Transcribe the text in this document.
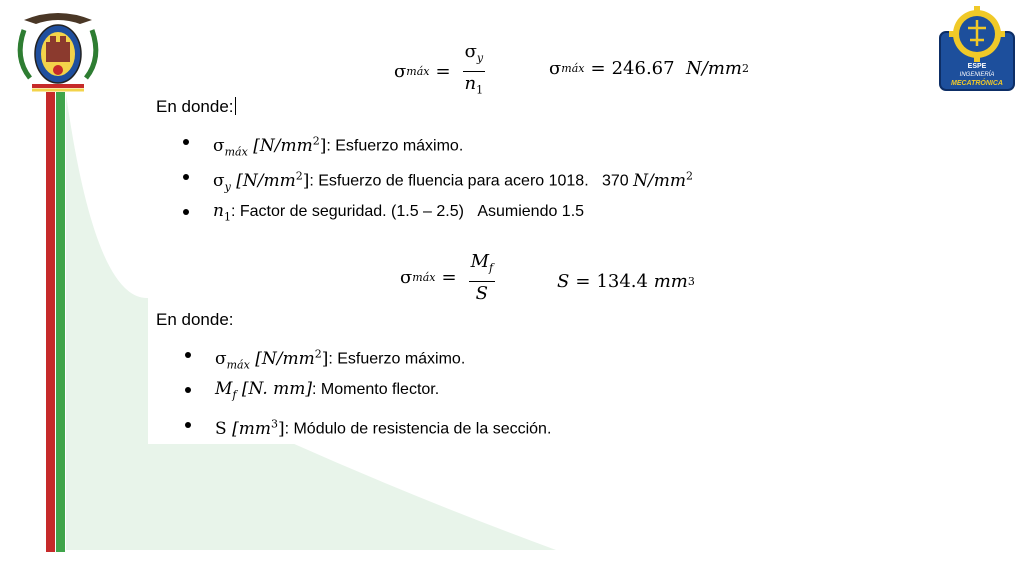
ESPE
INGENIERÍA
MECATRÓNICA
σ máx = $\frac{\sigma_y}{n_1}$	σ máx = 246.67
N/mm 2
En donde:
$\sigma_{máx}$ $[N/mm^2]$: Esfuerzo máximo.
$\sigma_y$ $[N/mm^2]$: Esfuerzo de fluencia para acero 1018. 370 $N/mm^2$
$n_1$: Factor de seguridad. (1.5 – 2.5) Asumiendo 1.5
σ máx = $\frac{M_f}{S}$	S = 134.4
mm 3
En donde:
$\sigma_{máx}$ $[N/mm^2]$: Esfuerzo máximo.
$M_f$ [N. mm]: Momento flector.
S $[mm^3]$: Módulo de resistencia de la sección.
